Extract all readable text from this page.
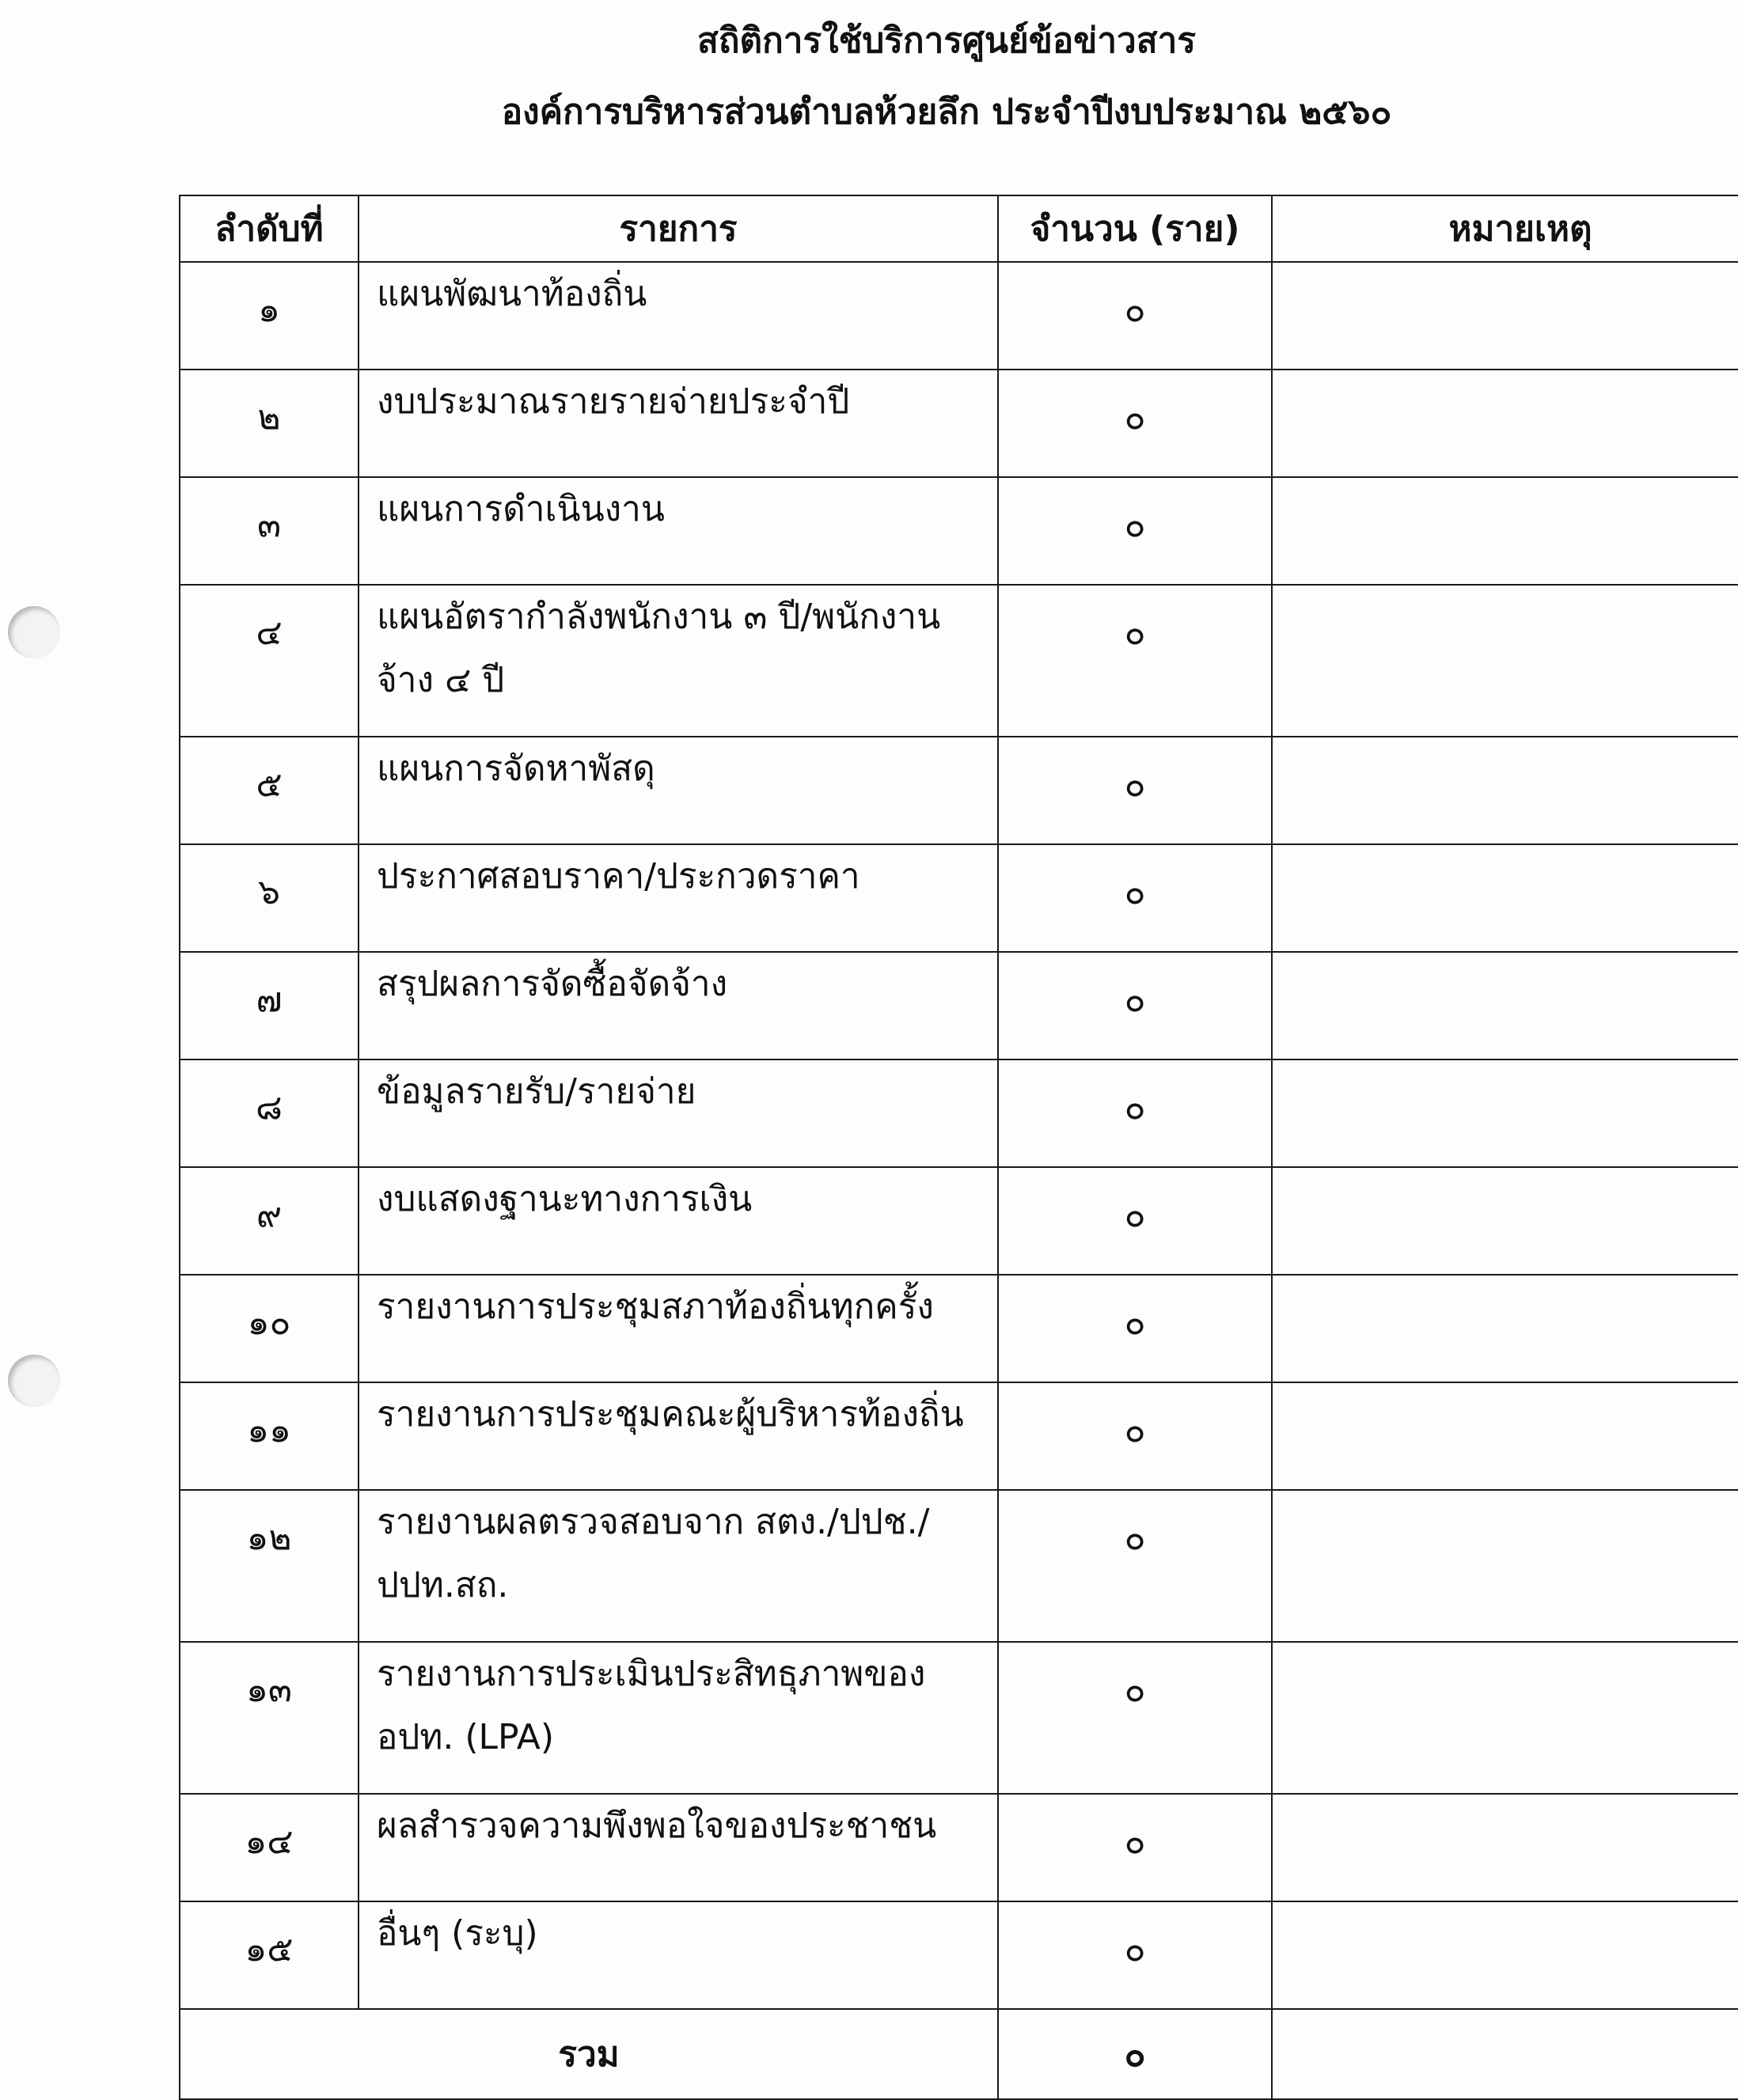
สถิติการใช้บริการศูนย์ข้อข่าวสาร
องค์การบริหารส่วนตำบลห้วยลึก ประจำปีงบประมาณ ๒๕๖๐
ลำดับที่	รายการ	จำนวน (ราย)	หมายเหตุ
๑	แผนพัฒนาท้องถิ่น	๐	
๒	งบประมาณรายรายจ่ายประจำปี	๐	
๓	แผนการดำเนินงาน	๐	
๔	แผนอัตรากำลังพนักงาน ๓ ปี/พนักงานจ้าง ๔ ปี	๐	
๕	แผนการจัดหาพัสดุ	๐	
๖	ประกาศสอบราคา/ประกวดราคา	๐	
๗	สรุปผลการจัดซื้อจัดจ้าง	๐	
๘	ข้อมูลรายรับ/รายจ่าย	๐	
๙	งบแสดงฐานะทางการเงิน	๐	
๑๐	รายงานการประชุมสภาท้องถิ่นทุกครั้ง	๐	
๑๑	รายงานการประชุมคณะผู้บริหารท้องถิ่น	๐	
๑๒	รายงานผลตรวจสอบจาก สตง./ปปช./ปปท.สถ.	๐	
๑๓	รายงานการประเมินประสิทธุภาพของ อปท. (LPA)	๐	
๑๔	ผลสำรวจความพึงพอใจของประชาชน	๐	
๑๕	อื่นๆ (ระบุ)	๐	
รวม		๐	
